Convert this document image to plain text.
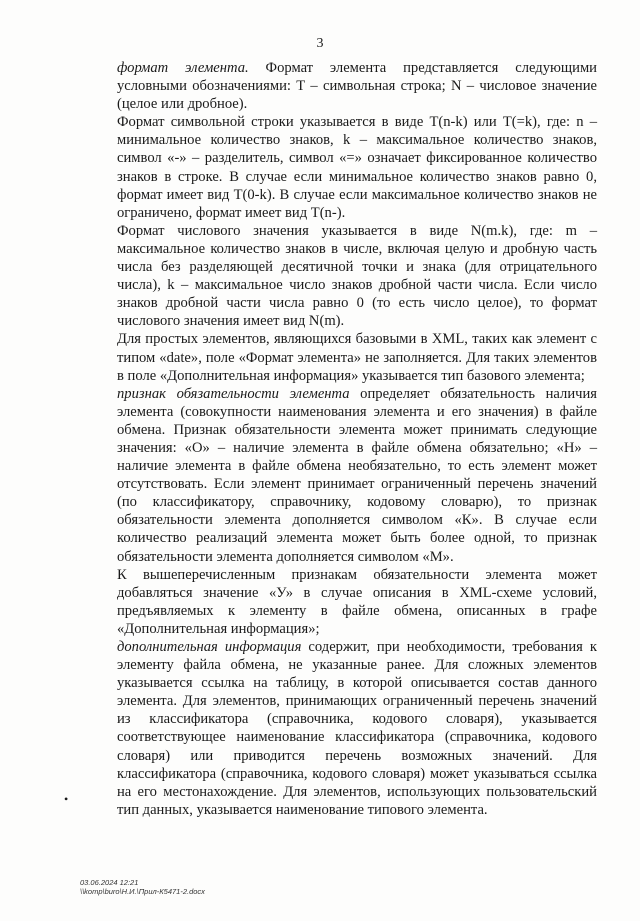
3

формат элемента. Формат элемента представляется следующими условными обозначениями: Т – символьная строка; N – числовое значение (целое или дробное).

Формат символьной строки указывается в виде T(n-k) или T(=k), где: n – минимальное количество знаков, k – максимальное количество знаков, символ «-» – разделитель, символ «=» означает фиксированное количество знаков в строке. В случае если минимальное количество знаков равно 0, формат имеет вид T(0-k). В случае если максимальное количество знаков не ограничено, формат имеет вид T(n-).

Формат числового значения указывается в виде N(m.k), где: m – максимальное количество знаков в числе, включая целую и дробную часть числа без разделяющей десятичной точки и знака (для отрицательного числа), k – максимальное число знаков дробной части числа. Если число знаков дробной части числа равно 0 (то есть число целое), то формат числового значения имеет вид N(m).

Для простых элементов, являющихся базовыми в XML, таких как элемент с типом «date», поле «Формат элемента» не заполняется. Для таких элементов в поле «Дополнительная информация» указывается тип базового элемента;

признак обязательности элемента определяет обязательность наличия элемента (совокупности наименования элемента и его значения) в файле обмена. Признак обязательности элемента может принимать следующие значения: «О» – наличие элемента в файле обмена обязательно; «Н» – наличие элемента в файле обмена необязательно, то есть элемент может отсутствовать. Если элемент принимает ограниченный перечень значений (по классификатору, справочнику, кодовому словарю), то признак обязательности элемента дополняется символом «К». В случае если количество реализаций элемента может быть более одной, то признак обязательности элемента дополняется символом «М».

К вышеперечисленным признакам обязательности элемента может добавляться значение «У» в случае описания в XML-схеме условий, предъявляемых к элементу в файле обмена, описанных в графе «Дополнительная информация»;

дополнительная информация содержит, при необходимости, требования к элементу файла обмена, не указанные ранее. Для сложных элементов указывается ссылка на таблицу, в которой описывается состав данного элемента. Для элементов, принимающих ограниченный перечень значений из классификатора (справочника, кодового словаря), указывается соответствующее наименование классификатора (справочника, кодового словаря) или приводится перечень возможных значений. Для классификатора (справочника, кодового словаря) может указываться ссылка на его местонахождение. Для элементов, использующих пользовательский тип данных, указывается наименование типового элемента.

•
03.06.2024 12:21
\\komp\buro\Н.И.\Прил-К5471-2.docx
